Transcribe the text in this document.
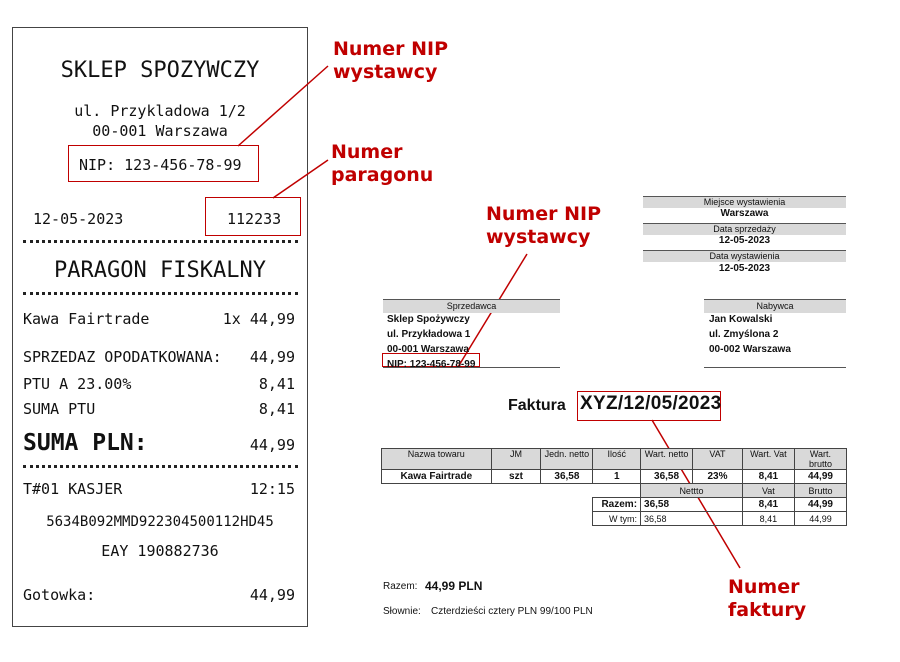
SKLEP SPOZYWCZY
ul. Przykladowa 1/2
00-001 Warszawa
NIP: 123-456-78-99
12-05-2023	112233
PARAGON FISKALNY
Kawa Fairtrade	1x 44,99
SPRZEDAZ OPODATKOWANA: 44,99
PTU A 23.00%	8,41
SUMA PTU	8,41
SUMA PLN:	44,99
T#01 KASJER	12:15
5634B092MMD922304500112HD45
EAY 190882736
Gotowka:	44,99
Numer NIP
wystawcy
Numer
paragonu
Numer NIP
wystawcy
Numer
faktury
Miejsce wystawienia
Warszawa
Data sprzedaży
12-05-2023
Data wystawienia
12-05-2023
Sprzedawca
Sklep Spożywczy
ul. Przykładowa 1
00-001 Warszawa
NIP: 123-456-78-99
Nabywca
Jan Kowalski
ul. Zmyślona 2
00-002 Warszawa
Faktura XYZ/12/05/2023
Nazwa towaru	JM	Jedn. netto	Ilość	Wart. netto	VAT	Wart. Vat	Wart. brutto
Kawa Fairtrade	szt	36,58	1	36,58	23%	8,41	44,99
				Nettto		Vat	Brutto
			Razem:	36,58		8,41	44,99
			W tym:	36,58		8,41	44,99
Razem: 44,99 PLN
Słownie: Czterdzieści cztery PLN 99/100 PLN
